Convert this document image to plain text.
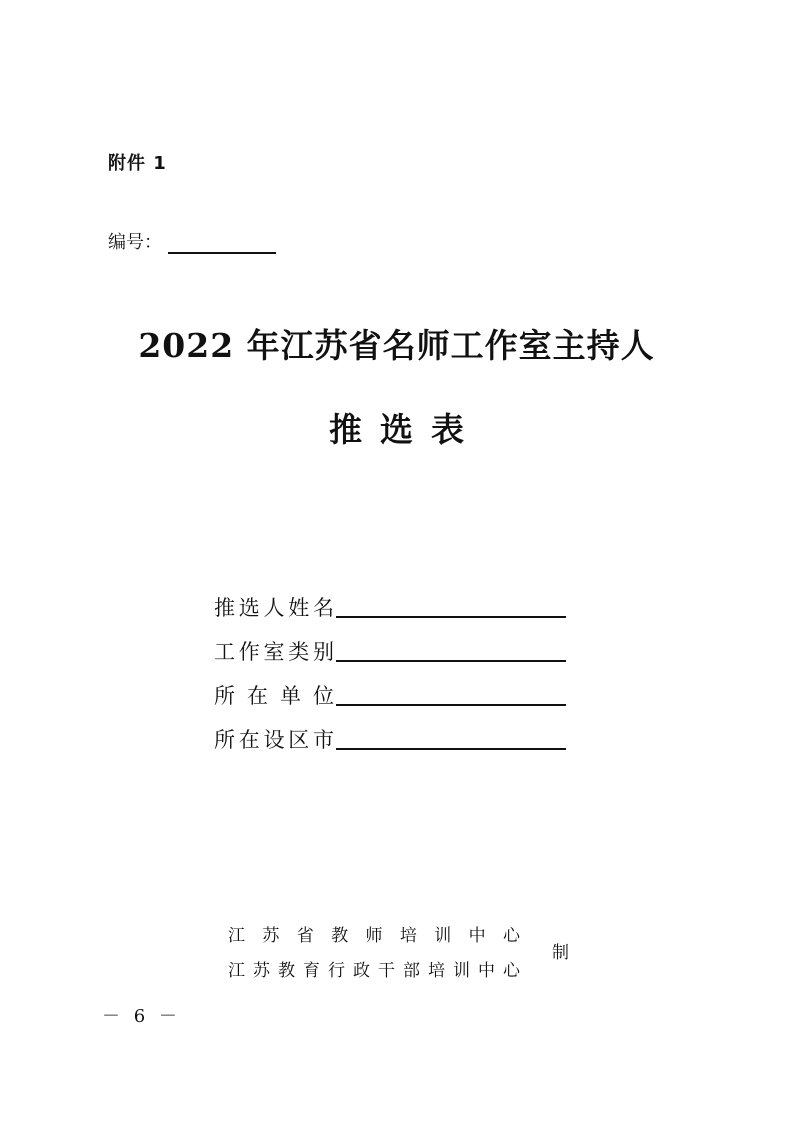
附件 1
编号：
2022 年江苏省名师工作室主持人
推选表
推选人姓名
工作室类别
所在单位
所在设区市
江苏省教师培训中心
江苏教育行政干部培训中心
制
－ 6 －
